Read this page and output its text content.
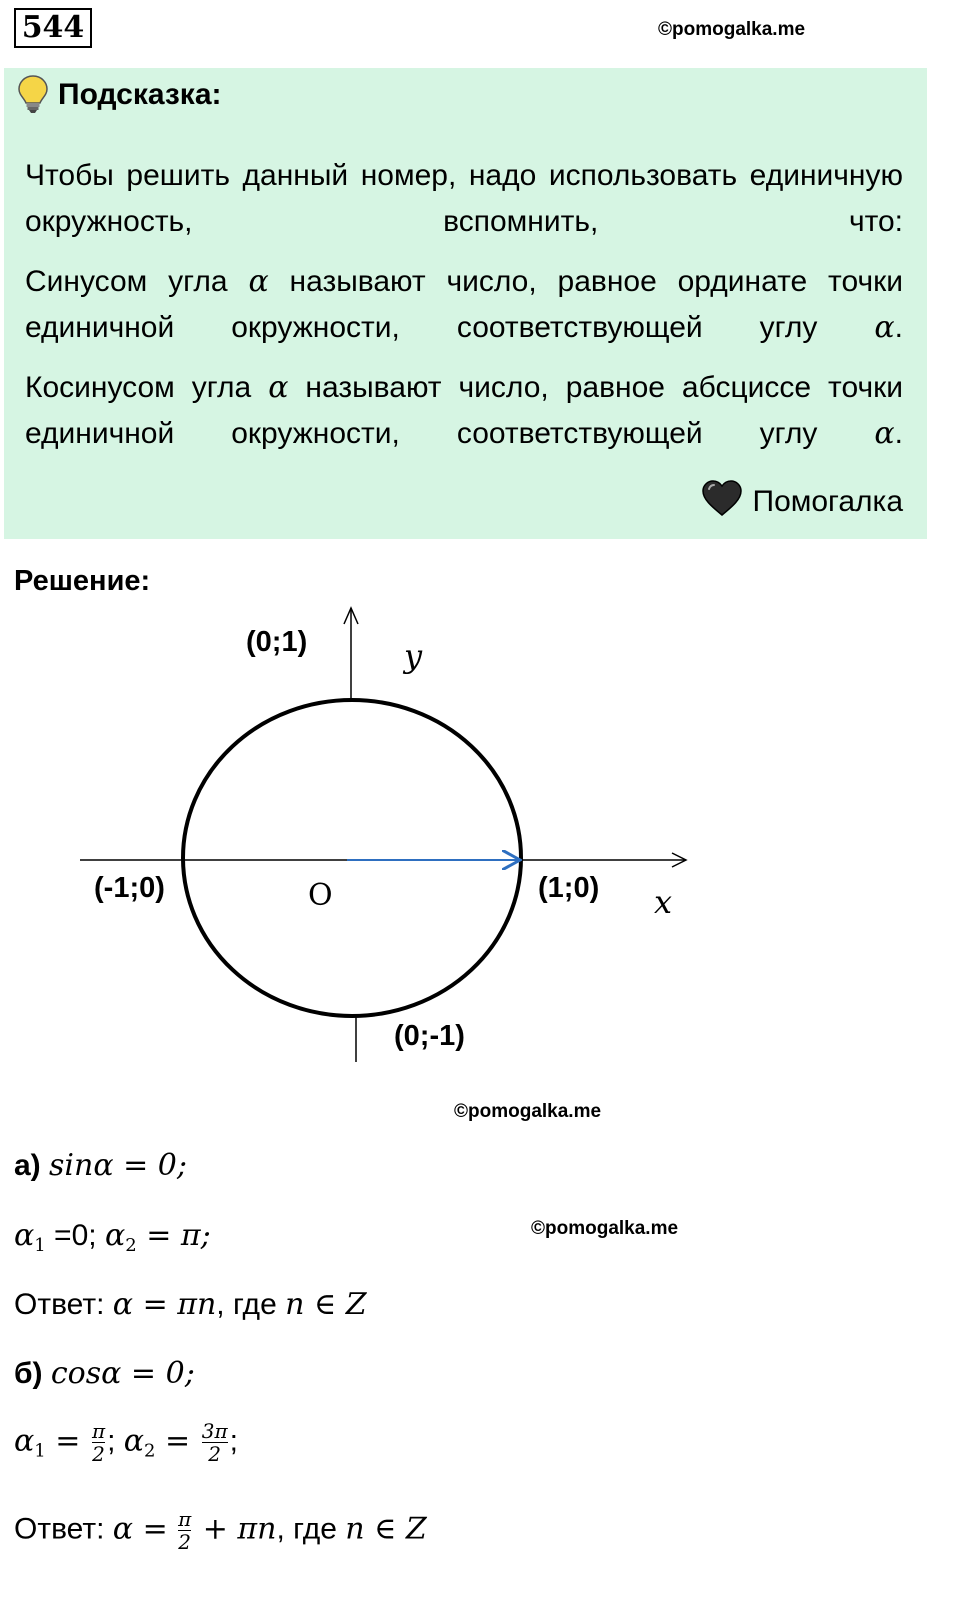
544	©pomogalka.me
Подсказка:

Чтобы решить данный номер, надо использовать единичную окружность, вспомнить, что:

Синусом угла α называют число, равное ординате точки единичной окружности, соответствующей углу α.

Косинусом угла α называют число, равное абсциссе точки единичной окружности, соответствующей углу α.

Помогалка
Решение:
(0;1)	y
(-1;0)	O	(1;0) x
(0;-1)
©pomogalka.me
©pomogalka.me
а) sinα = 0;
$\alpha_1 =0$; $\alpha_2 = \pi$;
Ответ: α = πn, где n ∈ Z
б) cosα = 0;
$\alpha_1 = \frac{\pi}{2}$ ; $\alpha_2 = \frac{3\pi}{2}$ ;
Ответ: $\alpha = \frac{\pi}{2} + \pi n$, где n ∈ Z
